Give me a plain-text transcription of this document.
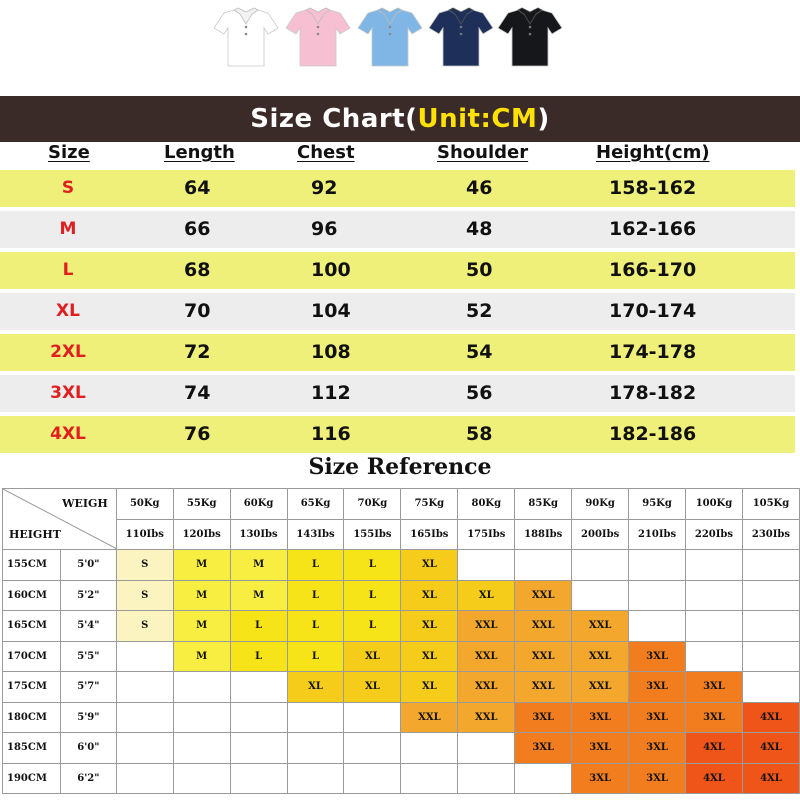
Size Chart(Unit:CM)
Size	Length	Chest	Shoulder	Height(cm)
S	64	92	46	158-162
M	66	96	48	162-166
L	68	100	50	166-170
XL	70	104	52	170-174
2XL	72	108	54	174-178
3XL	74	112	56	178-182
4XL	76	116	58	182-186
Size Reference
WEIGH
HEIGHT		50Kg	55Kg	60Kg	65Kg	70Kg	75Kg	80Kg	85Kg	90Kg	95Kg	100Kg	105Kg
		110Ibs	120Ibs	130Ibs	143Ibs	155Ibs	165Ibs	175Ibs	188Ibs	200Ibs	210Ibs	220Ibs	230Ibs
155CM	5'0"	S	M	M	L	L	XL						
160CM	5'2"	S	M	M	L	L	XL	XL	XXL				
165CM	5'4"	S	M	L	L	L	XL	XXL	XXL	XXL			
170CM	5'5"		M	L	L	XL	XL	XXL	XXL	XXL	3XL		
175CM	5'7"				XL	XL	XL	XXL	XXL	XXL	3XL	3XL	
180CM	5'9"						XXL	XXL	3XL	3XL	3XL	3XL	4XL
185CM	6'0"								3XL	3XL	3XL	4XL	4XL
190CM	6'2"									3XL	3XL	4XL	4XL
